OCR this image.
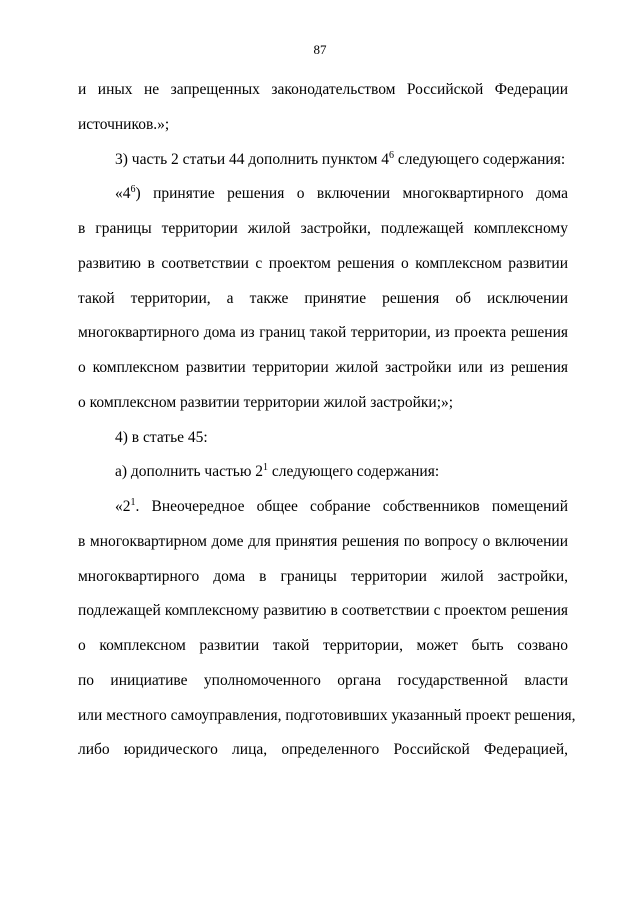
87
и иных не запрещенных законодательством Российской Федерации
источников.»;
3) часть 2 статьи 44 дополнить пунктом $4^6$ следующего содержания:
«$4^6$) принятие решения о включении многоквартирного дома
в границы территории жилой застройки, подлежащей комплексному
развитию в соответствии с проектом решения о комплексном развитии
такой территории, а также принятие решения об исключении
многоквартирного дома из границ такой территории, из проекта решения
о комплексном развитии территории жилой застройки или из решения
о комплексном развитии территории жилой застройки;»;
4) в статье 45:
а) дополнить частью $2^1$ следующего содержания:
«$2^1$. Внеочередное общее собрание собственников помещений
в многоквартирном доме для принятия решения по вопросу о включении
многоквартирного дома в границы территории жилой застройки,
подлежащей комплексному развитию в соответствии с проектом решения
о комплексном развитии такой территории, может быть созвано
по инициативе уполномоченного органа государственной власти
или местного самоуправления, подготовивших указанный проект решения,
либо юридического лица, определенного Российской Федерацией,
